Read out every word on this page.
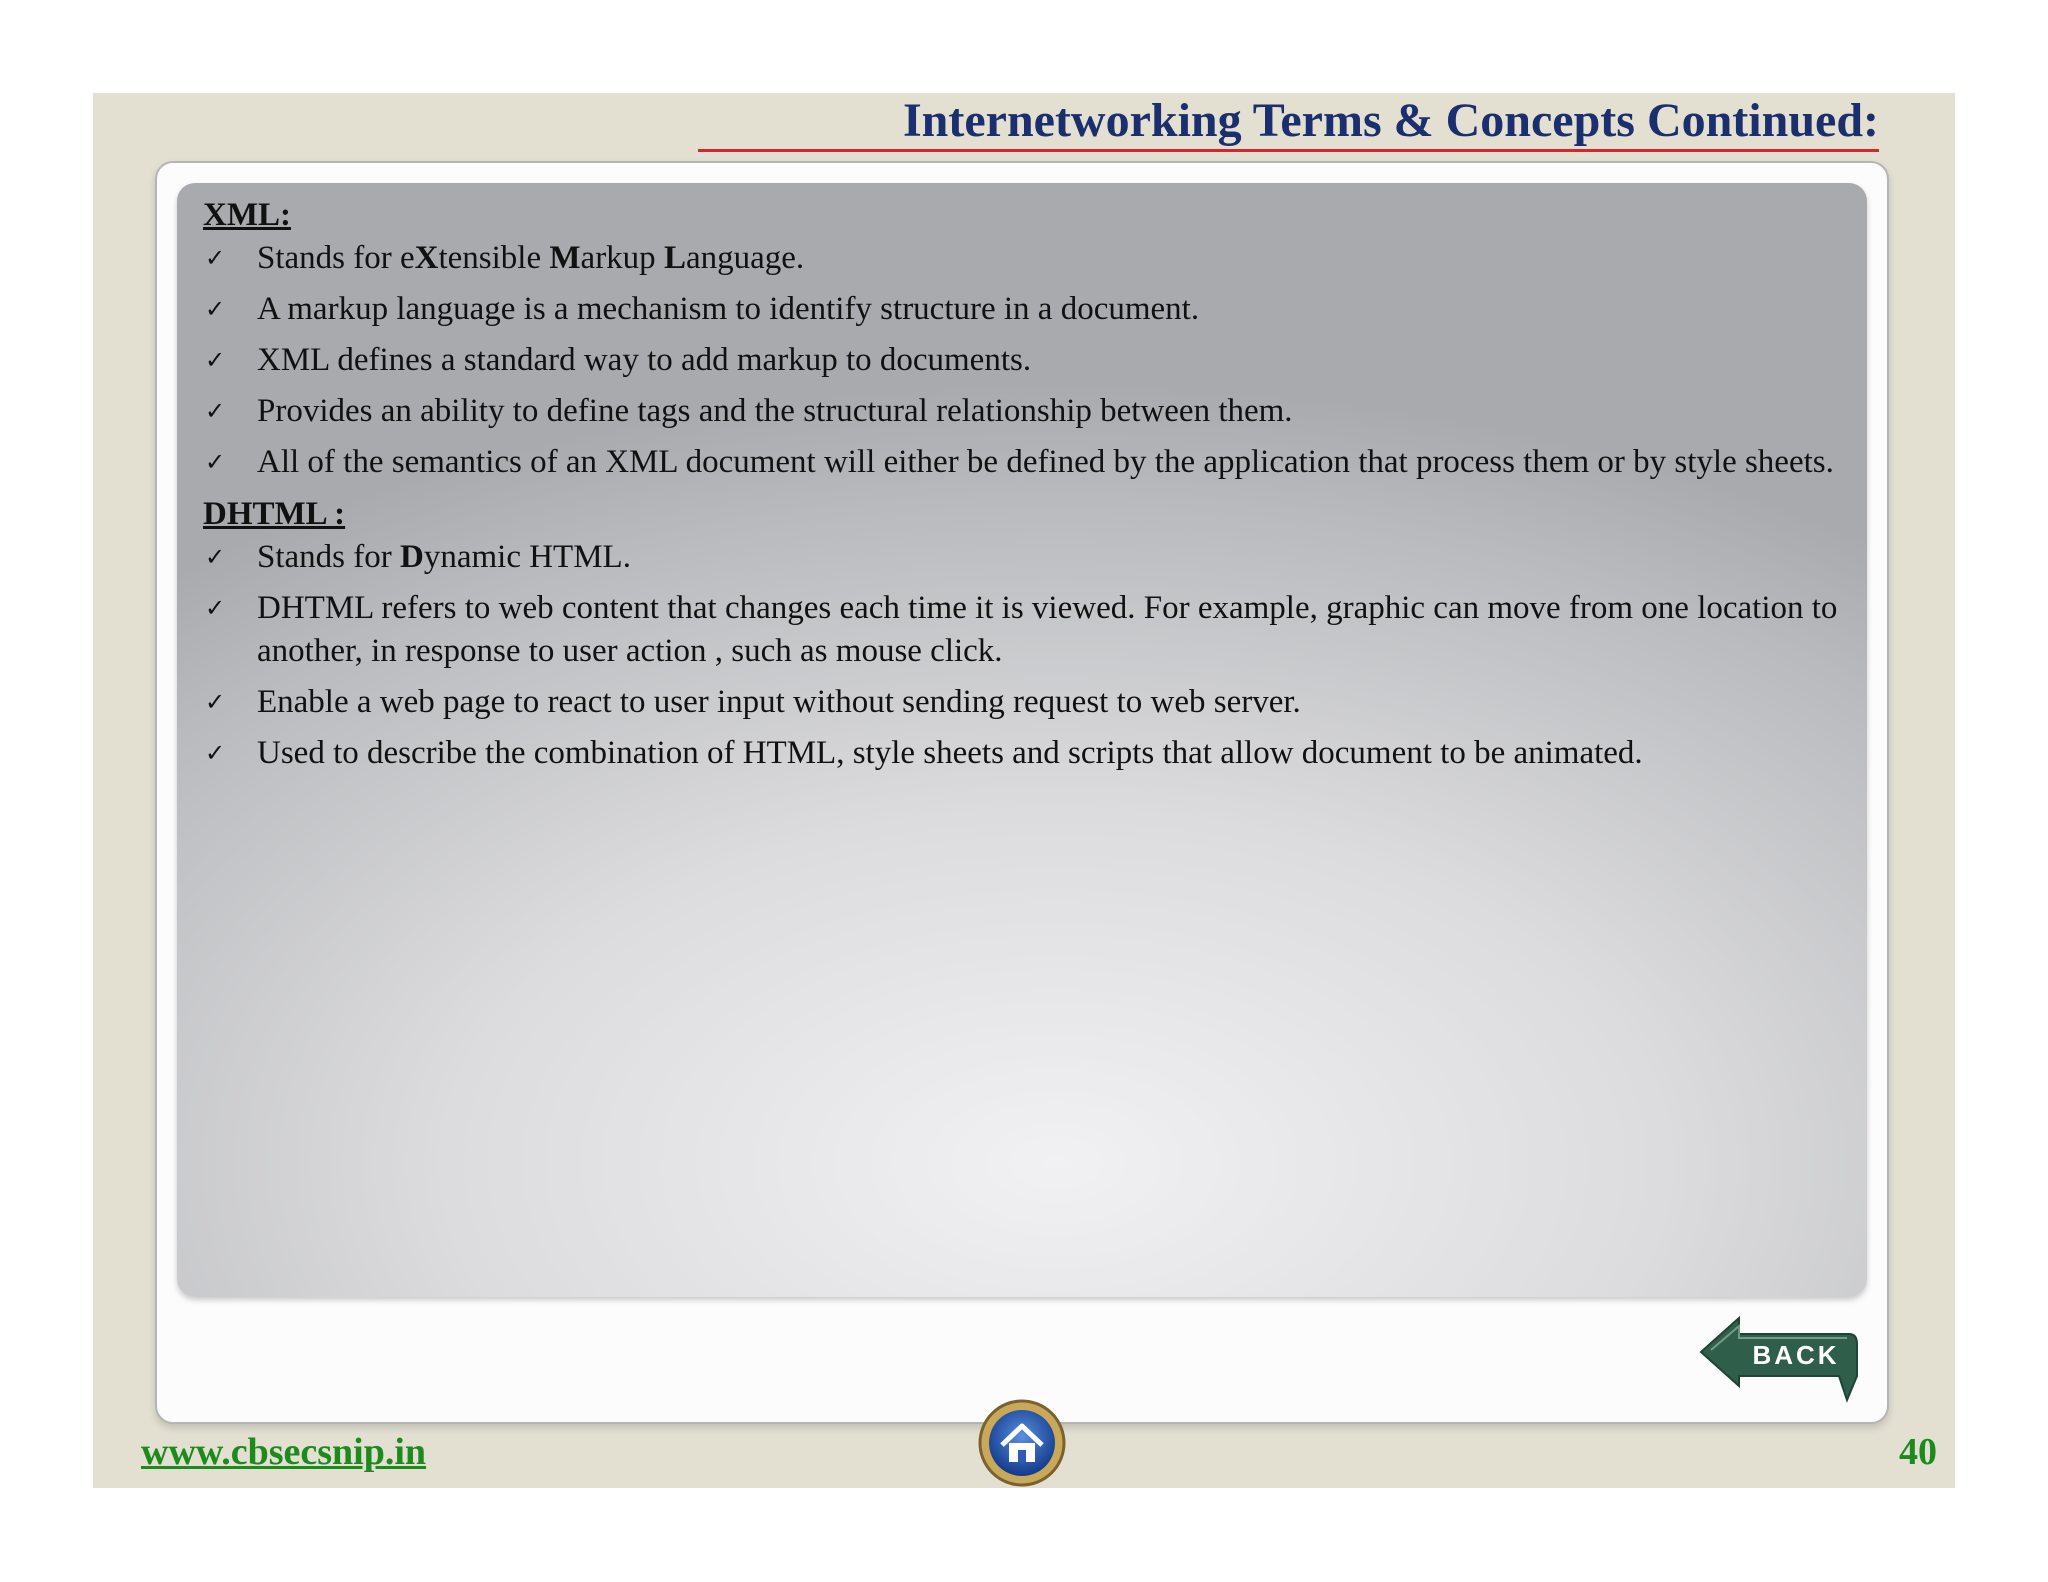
Internetworking Terms & Concepts Continued:

XML:

✓ Stands for eXtensible Markup Language.
✓ A markup language is a mechanism to identify structure in a document.
✓ XML defines a standard way to add markup to documents.
✓ Provides an ability to define tags and the structural relationship between them.
✓ All of the semantics of an XML document will either be defined by the application that process them or by style sheets.

DHTML :

✓ Stands for Dynamic HTML.
✓ DHTML refers to web content that changes each time it is viewed. For example, graphic can move from one location to another, in response to user action , such as mouse click.
✓ Enable a web page to react to user input without sending request to web server.
✓ Used to describe the combination of HTML, style sheets and scripts that allow document to be animated.
BACK
www.cbsecsnip.in	40
